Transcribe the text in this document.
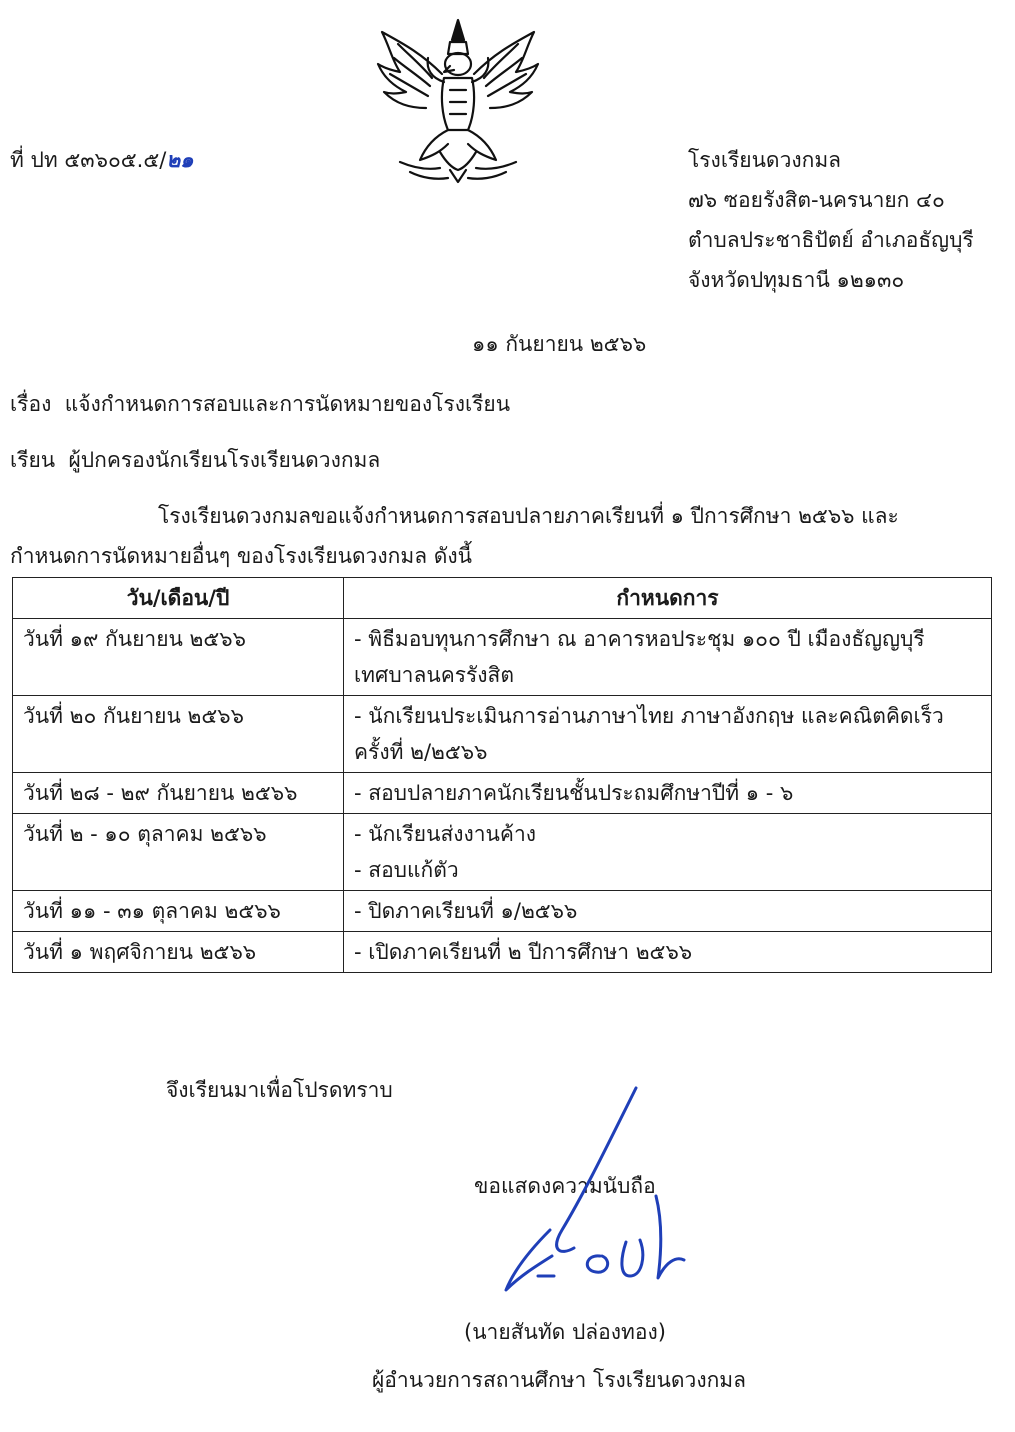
ที่ ปท ๕๓๖๐๕.๕/๒๑	โรงเรียนดวงกมล
๗๖ ซอยรังสิต-นครนายก ๔๐
ตำบลประชาธิปัตย์ อำเภอธัญบุรี
จังหวัดปทุมธานี ๑๒๑๓๐
๑๑ กันยายน ๒๕๖๖
เรื่อง แจ้งกำหนดการสอบและการนัดหมายของโรงเรียน
เรียน ผู้ปกครองนักเรียนโรงเรียนดวงกมล
โรงเรียนดวงกมลขอแจ้งกำหนดการสอบปลายภาคเรียนที่ ๑ ปีการศึกษา ๒๕๖๖ และ
กำหนดการนัดหมายอื่นๆ ของโรงเรียนดวงกมล ดังนี้
วัน/เดือน/ปี	กำหนดการ
วันที่ ๑๙ กันยายน ๒๕๖๖	- พิธีมอบทุนการศึกษา ณ อาคารหอประชุม ๑๐๐ ปี เมืองธัญญบุรี
เทศบาลนครรังสิต

วันที่ ๒๐ กันยายน ๒๕๖๖	- นักเรียนประเมินการอ่านภาษาไทย ภาษาอังกฤษ และคณิตคิดเร็ว
ครั้งที่ ๒/๒๕๖๖

วันที่ ๒๘ - ๒๙ กันยายน ๒๕๖๖	- สอบปลายภาคนักเรียนชั้นประถมศึกษาปีที่ ๑ - ๖

วันที่ ๒ - ๑๐ ตุลาคม ๒๕๖๖	- นักเรียนส่งงานค้าง
- สอบแก้ตัว

วันที่ ๑๑ - ๓๑ ตุลาคม ๒๕๖๖	- ปิดภาคเรียนที่ ๑/๒๕๖๖

วันที่ ๑ พฤศจิกายน ๒๕๖๖	- เปิดภาคเรียนที่ ๒ ปีการศึกษา ๒๕๖๖
จึงเรียนมาเพื่อโปรดทราบ
ขอแสดงความนับถือ
(นายสันทัด ปล่องทอง)
ผู้อำนวยการสถานศึกษา โรงเรียนดวงกมล
